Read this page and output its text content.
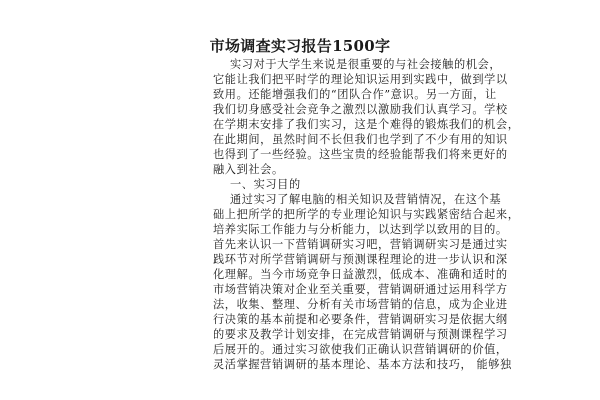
市场调查实习报告1500字
实习对于大学生来说是很重要的与社会接触的机会，
它能让我们把平时学的理论知识运用到实践中，做到学以
致用。还能增强我们的“团队合作”意识。另一方面，让
我们切身感受社会竞争之激烈以激励我们认真学习。学校
在学期末安排了我们实习，这是个难得的锻炼我们的机会，
在此期间，虽然时间不长但我们也学到了不少有用的知识
也得到了一些经验。这些宝贵的经验能帮我们将来更好的
融入到社会。
一、实习目的
通过实习了解电脑的相关知识及营销情况，在这个基
础上把所学的把所学的专业理论知识与实践紧密结合起来，
培养实际工作能力与分析能力，以达到学以致用的目的。
首先来认识一下营销调研实习吧，营销调研实习是通过实
践环节对所学营销调研与预测课程理论的进一步认识和深
化理解。当今市场竞争日益激烈，低成本、准确和适时的
市场营销决策对企业至关重要，营销调研通过运用科学方
法，收集、整理、分析有关市场营销的信息，成为企业进
行决策的基本前提和必要条件，营销调研实习是依据大纲
的要求及教学计划安排，在完成营销调研与预测课程学习
后展开的。通过实习欲使我们正确认识营销调研的价值，
灵活掌握营销调研的基本理论、基本方法和技巧， 能够独
